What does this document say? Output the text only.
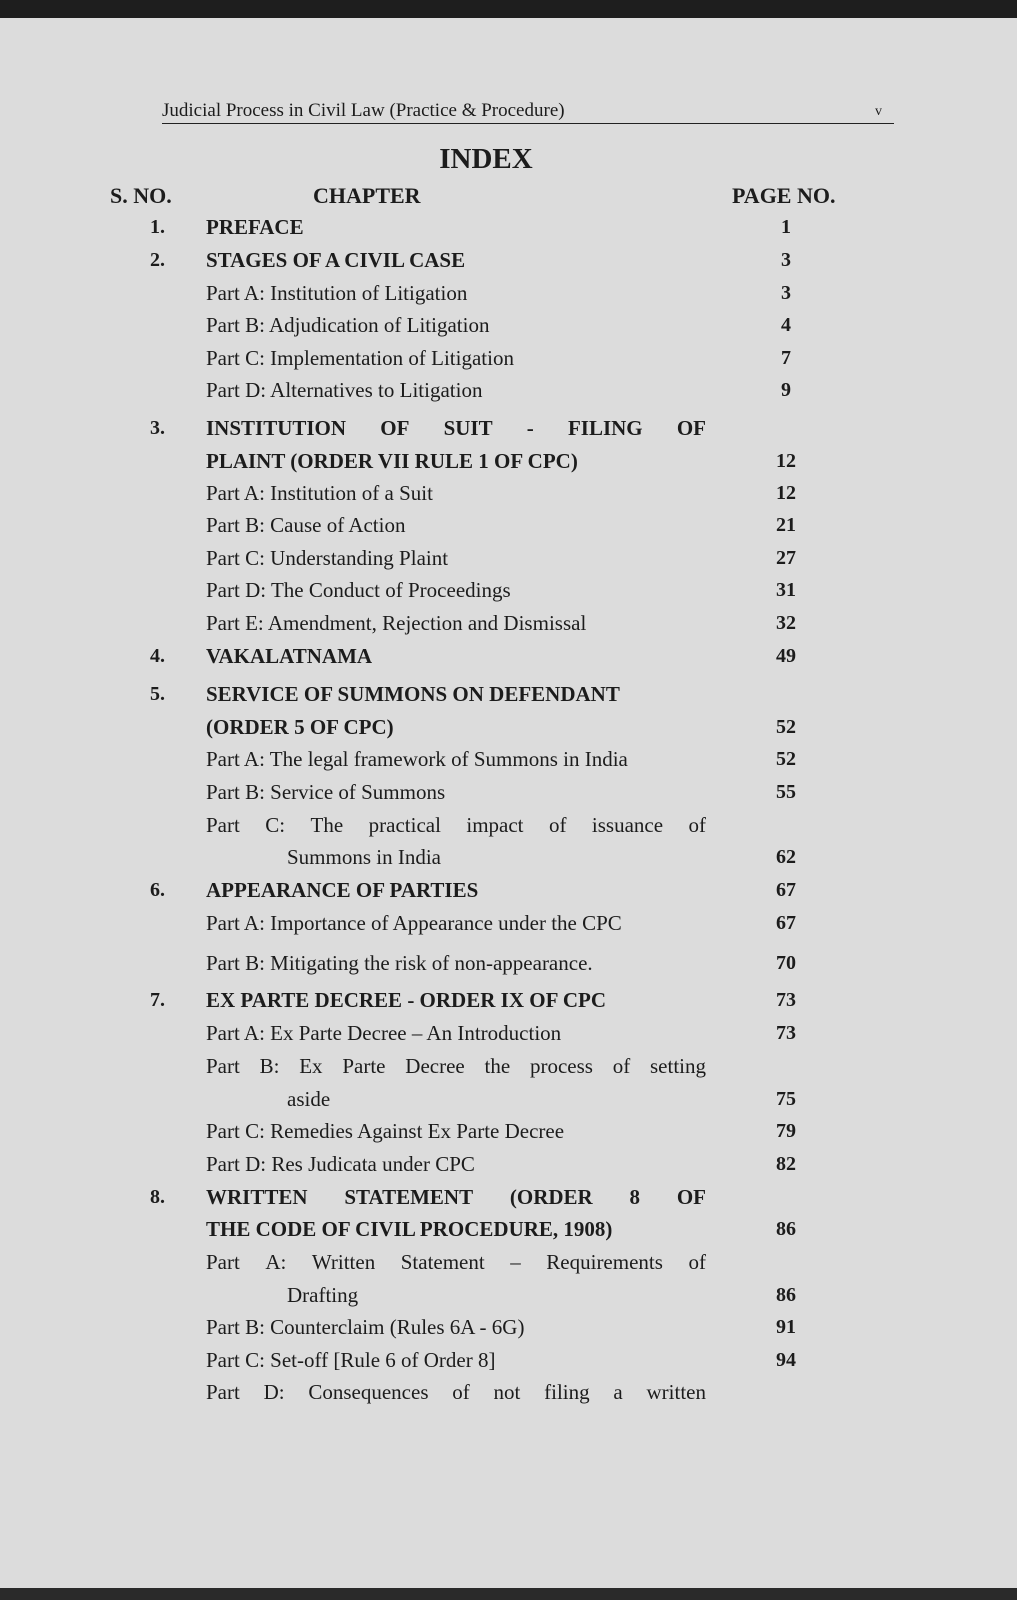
Judicial Process in Civil Law (Practice & Procedure)	v
INDEX
S. NO.	CHAPTER	PAGE NO.
1. PREFACE	1
2. STAGES OF A CIVIL CASE	3
Part A: Institution of Litigation	3
Part B: Adjudication of Litigation	4
Part C: Implementation of Litigation	7
Part D: Alternatives to Litigation	9
3. INSTITUTION OF SUIT - FILING OF
PLAINT (ORDER VII RULE 1 OF CPC)	12
Part A: Institution of a Suit	12
Part B: Cause of Action	21
Part C: Understanding Plaint	27
Part D: The Conduct of Proceedings	31
Part E: Amendment, Rejection and Dismissal	32
4. VAKALATNAMA	49
5. SERVICE OF SUMMONS ON DEFENDANT
(ORDER 5 OF CPC)	52
Part A: The legal framework of Summons in India	52
Part B: Service of Summons	55
Part C: The practical impact of issuance of
Summons in India	62
6. APPEARANCE OF PARTIES	67
Part A: Importance of Appearance under the CPC	67
Part B: Mitigating the risk of non-appearance.	70
7. EX PARTE DECREE - ORDER IX OF CPC	73
Part A: Ex Parte Decree – An Introduction	73
Part B: Ex Parte Decree the process of setting
aside	75
Part C: Remedies Against Ex Parte Decree	79
Part D: Res Judicata under CPC	82
8. WRITTEN STATEMENT (ORDER 8 OF
THE CODE OF CIVIL PROCEDURE, 1908)	86
Part A: Written Statement – Requirements of
Drafting	86
Part B: Counterclaim (Rules 6A - 6G)	91
Part C: Set-off [Rule 6 of Order 8]	94
Part D: Consequences of not filing a written
